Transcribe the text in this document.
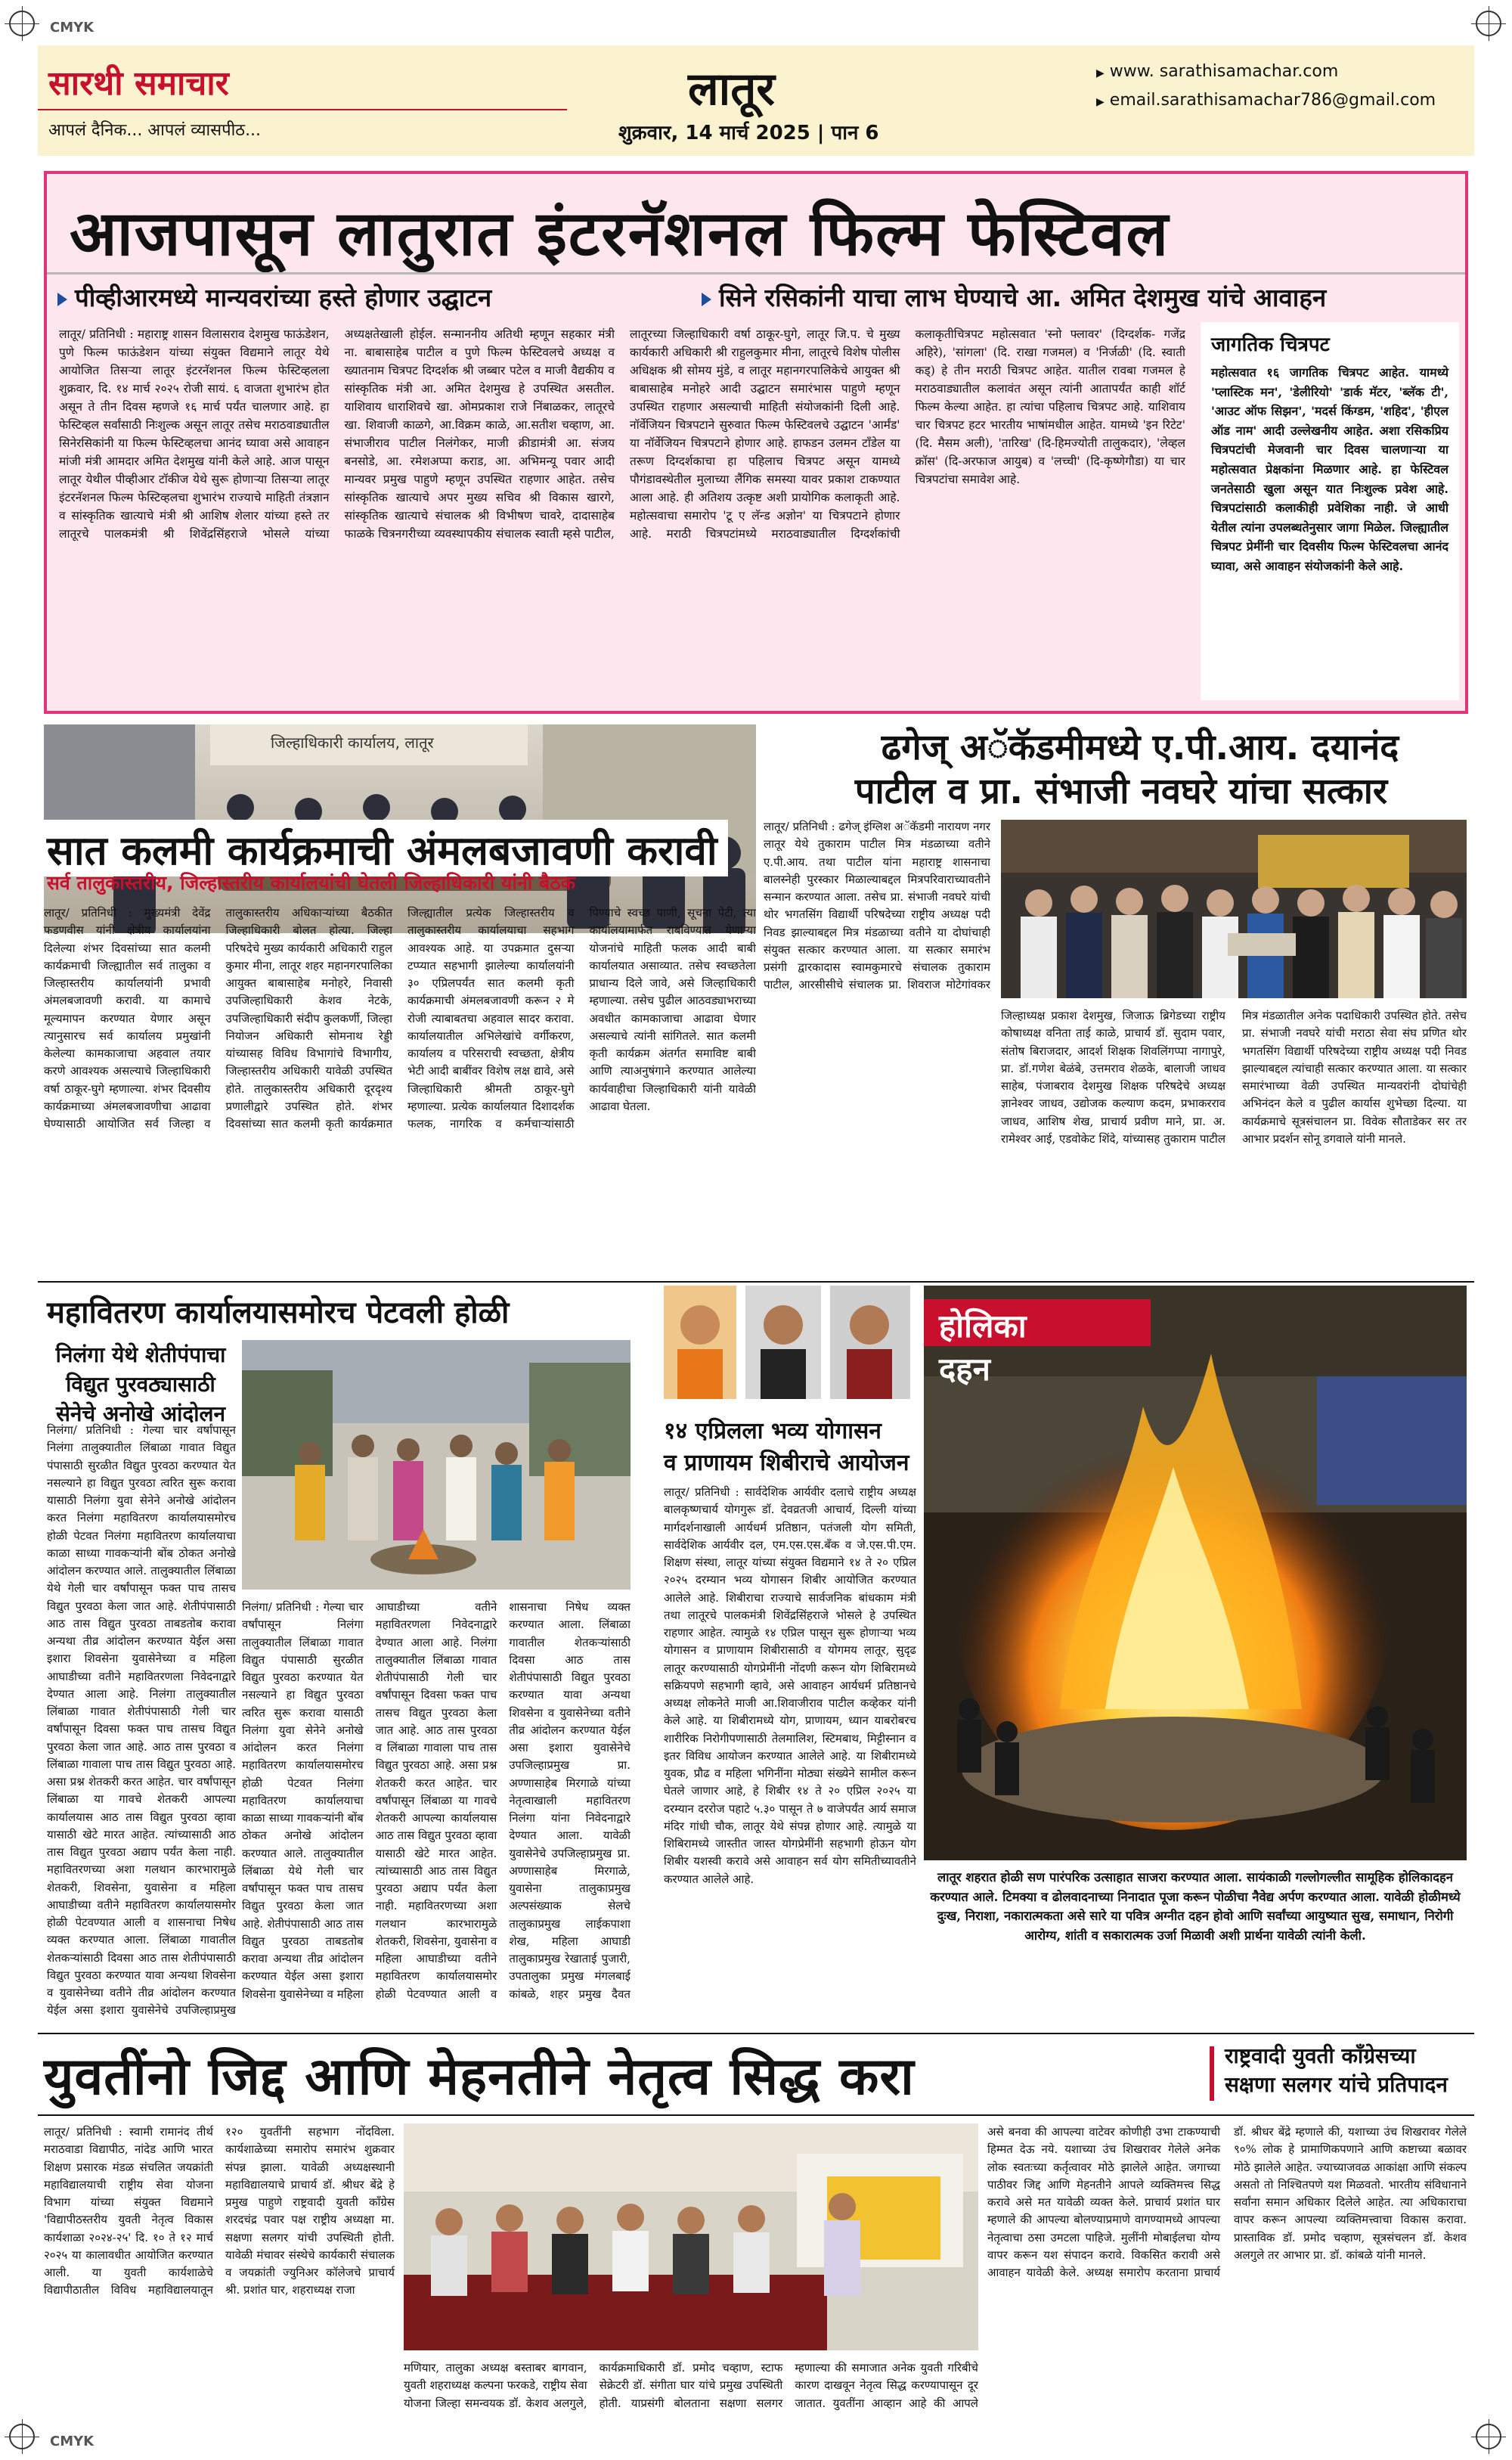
CMYK
CMYK
सारथी समाचार
आपलं दैनिक... आपलं व्यासपीठ...
लातूर
शुक्रवार, 14 मार्च 2025 | पान 6
▶ www. sarathisamachar.com
▶ email.sarathisamachar786@gmail.com
आजपासून लातुरात इंटरनॅशनल फिल्म फेस्टिवल
पीव्हीआरमध्ये मान्यवरांच्या हस्ते होणार उद्घाटन	सिने रसिकांनी याचा लाभ घेण्याचे आ. अमित देशमुख यांचे आवाहन
लातूर/ प्रतिनिधी : महाराष्ट्र शासन विलासराव देशमुख फाऊंडेशन, पुणे फिल्म फाऊंडेशन यांच्या संयुक्त विद्यमाने लातूर येथे आयोजित तिसऱ्या लातूर इंटरनॅशनल फिल्म फेस्टिव्हलला शुक्रवार, दि. १४ मार्च २०२५ रोजी सायं. ६ वाजता शुभारंभ होत असून ते तीन दिवस म्हणजे १६ मार्च पर्यंत चालणार आहे. हा फेस्टिव्हल सर्वांसाठी निःशुल्क असून लातूर तसेच मराठवाड्यातील सिनेरसिकांनी या फिल्म फेस्टिव्हलचा आनंद घ्यावा असे आवाहन मांजी मंत्री आमदार अमित देशमुख यांनी केले आहे. आज पासून लातूर येथील पीव्हीआर टॉकीज येथे सुरू होणाऱ्या तिसऱ्या लातूर इंटरनॅशनल फिल्म फेस्टिव्हलचा शुभारंभ राज्याचे माहिती तंत्रज्ञान व सांस्कृतिक खात्याचे मंत्री श्री आशिष शेलार यांच्या हस्ते तर लातूरचे पालकमंत्री श्री शिवेंद्रसिंहराजे भोसले यांच्या अध्यक्षतेखाली होईल. सन्माननीय अतिथी म्हणून सहकार मंत्री ना. बाबासाहेब पाटील व पुणे फिल्म फेस्टिवलचे अध्यक्ष व ख्यातनाम चित्रपट दिग्दर्शक श्री जब्बार पटेल व माजी वैद्यकीय व सांस्कृतिक मंत्री आ. अमित देशमुख हे उपस्थित असतील. याशिवाय धाराशिवचे खा. ओमप्रकाश राजे निंबाळकर, लातूरचे खा. शिवाजी काळगे, आ.विक्रम काळे, आ.सतीश चव्हाण, आ. संभाजीराव पाटील निलंगेकर, माजी क्रीडामंत्री आ. संजय बनसोडे, आ. रमेशअप्पा कराड, आ. अभिमन्यू पवार आदी मान्यवर प्रमुख पाहुणे म्हणून उपस्थित राहणार आहेत. तसेच सांस्कृतिक खात्याचे अपर मुख्य सचिव श्री विकास खारगे, सांस्कृतिक खात्याचे संचालक श्री विभीषण चावरे, दादासाहेब फाळके चित्रनगरीच्या व्यवस्थापकीय संचालक स्वाती म्हसे पाटील, लातूरच्या जिल्हाधिकारी वर्षा ठाकूर-घुगे, लातूर जि.प. चे मुख्य कार्यकारी अधिकारी श्री राहुलकुमार मीना, लातूरचे विशेष पोलीस अधिक्षक श्री सोमय मुंडे, व लातूर महानगरपालिकेचे आयुक्त श्री बाबासाहेब मनोहरे आदी उद्घाटन समारंभास पाहुणे म्हणून उपस्थित राहणार असल्याची माहिती संयोजकांनी दिली आहे. नॉर्वेजियन चित्रपटाने सुरुवात फिल्म फेस्टिवलचे उद्घाटन 'आर्मंड' या नॉर्वेजियन चित्रपटाने होणार आहे. हाफडन उलमन टॉंडेल या तरूण दिग्दर्शकाचा हा पहिलाच चित्रपट असून यामध्ये पौगंडावस्थेतील मुलाच्या लैंगिक समस्या यावर प्रकाश टाकण्यात आला आहे. ही अतिशय उत्कृष्ट अशी प्रायोगिक कलाकृती आहे. महोत्सवाचा समारोप 'टू ए लॅन्ड अज्ञोन' या चित्रपटाने होणार आहे. मराठी चित्रपटांमध्ये मराठवाड्यातील दिग्दर्शकांची कलाकृतीचित्रपट महोत्सवात 'स्नो फ्लावर' (दिग्दर्शक- गजेंद्र अहिरे), 'सांगला' (दि. राखा गजमल) व 'निर्जळी' (दि. स्वाती कड्) हे तीन मराठी चित्रपट आहेत. यातील रावबा गजमल हे मराठवाड्यातील कलावंत असून त्यांनी आतापर्यंत काही शॉर्ट फिल्म केल्या आहेत. हा त्यांचा पहिलाच चित्रपट आहे. याशिवाय चार चित्रपट हटर भारतीय भाषांमधील आहेत. यामध्ये 'इन रिटेट' (दि. मैसम अली), 'तारिख' (दि-हिमज्योती तालुकदार), 'लेव्हल क्रॉस' (दि-अरफाज आयुब) व 'लच्ची' (दि-कृष्णेगौडा) या चार चित्रपटांचा समावेश आहे.
जागतिक चित्रपट
महोत्सवात १६ जागतिक चित्रपट आहेत. यामध्ये 'प्लास्टिक मन', 'डेलीरियो' 'डार्क मॅटर, 'ब्लॅक टी', 'आउट ऑफ सिझन', 'मदर्स किंग्डम, 'शहिद', 'हीएल ऑड नाम' आदी उल्लेखनीय आहेत. अशा रसिकप्रिय चित्रपटांची मेजवानी चार दिवस चालणाऱ्या या महोत्सवात प्रेक्षकांना मिळणार आहे. हा फेस्टिवल जनतेसाठी खुला असून यात निःशुल्क प्रवेश आहे. चित्रपटांसाठी कलाकीही प्रवेशिका नाही. जे आधी येतील त्यांना उपलब्धतेनुसार जागा मिळेल. जिल्ह्यातील चित्रपट प्रेमींनी चार दिवसीय फिल्म फेस्टिवलचा आनंद घ्यावा, असे आवाहन संयोजकांनी केले आहे.
जिल्हाधिकारी कार्यालय, लातूर
सात कलमी कार्यक्रमाची अंमलबजावणी करावी
सर्व तालुकास्तरीय, जिल्हास्तरीय कार्यालयांची घेतली जिल्हाधिकारी यांनी बैठक
लातूर/ प्रतिनिधी : मुख्यमंत्री देवेंद्र फडणवीस यांनी क्षेत्रीय कार्यालयांना दिलेल्या शंभर दिवसांच्या सात कलमी कार्यक्रमाची जिल्ह्यातील सर्व तालुका व जिल्हास्तरीय कार्यालयांनी प्रभावी अंमलबजावणी करावी. या कामाचे मूल्यमापन करण्यात येणार असून त्यानुसारच सर्व कार्यालय प्रमुखांनी केलेल्या कामकाजाचा अहवाल तयार करणे आवश्यक असल्याचे जिल्हाधिकारी वर्षा ठाकूर-घुगे म्हणाल्या. शंभर दिवसीय कार्यक्रमाच्या अंमलबजावणीचा आढावा घेण्यासाठी आयोजित सर्व जिल्हा व तालुकास्तरीय अधिकाऱ्यांच्या बैठकीत जिल्हाधिकारी बोलत होत्या. जिल्हा परिषदेचे मुख्य कार्यकारी अधिकारी राहुल कुमार मीना, लातूर शहर महानगरपालिका आयुक्त बाबासाहेब मनोहरे, निवासी उपजिल्हाधिकारी केशव नेटके, उपजिल्हाधिकारी संदीप कुलकर्णी, जिल्हा नियोजन अधिकारी सोमनाथ रेड्डी यांच्यासह विविध विभागांचे विभागीय, जिल्हास्तरीय अधिकारी यावेळी उपस्थित होते. तालुकास्तरीय अधिकारी दूरदृश्य प्रणालीद्वारे उपस्थित होते. शंभर दिवसांच्या सात कलमी कृती कार्यक्रमात जिल्ह्यातील प्रत्येक जिल्हास्तरीय व तालुकास्तरीय कार्यालयाचा सहभाग आवश्यक आहे. या उपक्रमात दुसऱ्या टप्प्यात सहभागी झालेल्या कार्यालयांनी ३० एप्रिलपर्यंत सात कलमी कृती कार्यक्रमाची अंमलबजावणी करून २ मे रोजी त्याबाबतचा अहवाल सादर करावा. कार्यालयातील अभिलेखांचे वर्गीकरण, कार्यालय व परिसराची स्वच्छता, क्षेत्रीय भेटी आदी बाबींवर विशेष लक्ष द्यावे, असे जिल्हाधिकारी श्रीमती ठाकूर-घुगे म्हणाल्या. प्रत्येक कार्यालयात दिशादर्शक फलक, नागरिक व कर्मचाऱ्यांसाठी पिण्याचे स्वच्छ पाणी, सूचना पेटी, त्या कार्यालयामार्फत राबविण्यात येणाऱ्या योजनांचे माहिती फलक आदी बाबी कार्यालयात असाव्यात. तसेच स्वच्छतेला प्राधान्य दिले जावे, असे जिल्हाधिकारी म्हणाल्या. तसेच पुढील आठवड्याभराच्या अवधीत कामकाजाचा आढावा घेणार असल्याचे त्यांनी सांगितले. सात कलमी कृती कार्यक्रम अंतर्गत समाविष्ट बाबी आणि त्याअनुषंगाने करण्यात आलेल्या कार्यवाहीचा जिल्हाधिकारी यांनी यावेळी आढावा घेतला.
ढगेज् अॅकॅडमीमध्ये ए.पी.आय. दयानंद
पाटील व प्रा. संभाजी नवघरे यांचा सत्कार
लातूर/ प्रतिनिधी : ढगेज् इंग्लिश अॅकॅडमी नारायण नगर लातूर येथे तुकाराम पाटील मित्र मंडळाच्या वतीने ए.पी.आय. तथा पाटील यांना महाराष्ट्र शासनाचा बालस्नेही पुरस्कार मिळाल्याबद्दल मित्रपरिवाराच्यावतीने सन्मान करण्यात आला. तसेच प्रा. संभाजी नवघरे यांची थोर भगतसिंग विद्यार्थी परिषदेच्या राष्ट्रीय अध्यक्ष पदी निवड झाल्याबद्दल मित्र मंडळाच्या वतीने या दोघांचाही संयुक्त सत्कार करण्यात आला. या सत्कार समारंभ प्रसंगी द्वारकादास स्वामकुमारचे संचालक तुकाराम पाटील, आरसीसीचे संचालक प्रा. शिवराज मोटेगांवकर
जिल्हाध्यक्ष प्रकाश देशमुख, जिजाऊ ब्रिगेडच्या राष्ट्रीय कोषाध्यक्ष वनिता ताई काळे, प्राचार्य डॉ. सुदाम पवार, संतोष बिराजदार, आदर्श शिक्षक शिवलिंगप्पा नागापुरे, प्रा. डॉ.गणेश बेळंबे, उत्तमराव शेळके, बालाजी जाधव साहेब, पंजाबराव देशमुख शिक्षक परिषदेचे अध्यक्ष ज्ञानेश्वर जाधव, उद्योजक कल्याण कदम, प्रभाकरराव जाधव, आशिष शेख, प्राचार्य प्रवीण माने, प्रा. अ. रामेश्वर आई, एडवोकेट शिंदे, यांच्यासह तुकाराम पाटील मित्र मंडळातील अनेक पदाधिकारी उपस्थित होते. तसेच प्रा. संभाजी नवघरे यांची मराठा सेवा संघ प्रणित थोर भगतसिंग विद्यार्थी परिषदेच्या राष्ट्रीय अध्यक्ष पदी निवड झाल्याबद्दल त्यांचाही सत्कार करण्यात आला. या सत्कार समारंभाच्या वेळी उपस्थित मान्यवरांनी दोघांचेही अभिनंदन केले व पुढील कार्यास शुभेच्छा दिल्या. या कार्यक्रमाचे सूत्रसंचालन प्रा. विवेक सौताडेकर सर तर आभार प्रदर्शन सोनू डगवाले यांनी मानले.
महावितरण कार्यालयासमोरच पेटवली होळी
निलंगा येथे शेतीपंपाचा विद्युत पुरवठ्यासाठी सेनेचे अनोखे आंदोलन
निलंगा/ प्रतिनिधी : गेल्या चार वर्षांपासून निलंगा तालुक्यातील लिंबाळा गावात विद्युत पंपासाठी सुरळीत विद्युत पुरवठा करण्यात येत नसल्याने हा विद्युत पुरवठा त्वरित सुरू करावा यासाठी निलंगा युवा सेनेने अनोखे आंदोलन करत निलंगा महावितरण कार्यालयासमोरच होळी पेटवत निलंगा महावितरण कार्यालयाचा काळा साध्या गावकऱ्यांनी बोंब ठोकत अनोखे आंदोलन करण्यात आले. तालुक्यातील लिंबाळा येथे गेली चार वर्षांपासून फक्त पाच तासच विद्युत पुरवठा केला जात आहे. शेतीपंपासाठी आठ तास विद्युत पुरवठा ताबडतोब करावा अन्यथा तीव्र आंदोलन करण्यात येईल असा इशारा शिवसेना युवासेनेच्या व महिला आघाडीच्या वतीने महावितरणला निवेदनाद्वारे देण्यात आला आहे. निलंगा तालुक्यातील लिंबाळा गावात शेतीपंपासाठी गेली चार वर्षांपासून दिवसा फक्त पाच तासच विद्युत पुरवठा केला जात आहे. आठ तास पुरवठा व लिंबाळा गावाला पाच तास विद्युत पुरवठा आहे. असा प्रश्न शेतकरी करत आहेत. चार वर्षांपासून लिंबाळा या गावचे शेतकरी आपल्या कार्यालयास आठ तास विद्युत पुरवठा व्हावा यासाठी खेटे मारत आहेत. त्यांच्यासाठी आठ तास विद्युत पुरवठा अद्याप पर्यंत केला नाही. महावितरणच्या अशा गलथान कारभारामुळे शेतकरी, शिवसेना, युवासेना व महिला आघाडीच्या वतीने महावितरण कार्यालयासमोर होळी पेटवण्यात आली व शासनाचा निषेध व्यक्त करण्यात आला. लिंबाळा गावातील शेतकऱ्यांसाठी दिवसा आठ तास शेतीपंपासाठी विद्युत पुरवठा करण्यात यावा अन्यथा शिवसेना व युवासेनेच्या वतीने तीव्र आंदोलन करण्यात येईल असा इशारा युवासेनेचे उपजिल्हाप्रमुख
निलंगा/ प्रतिनिधी : गेल्या चार वर्षांपासून निलंगा तालुक्यातील लिंबाळा गावात विद्युत पंपासाठी सुरळीत विद्युत पुरवठा करण्यात येत नसल्याने हा विद्युत पुरवठा त्वरित सुरू करावा यासाठी निलंगा युवा सेनेने अनोखे आंदोलन करत निलंगा महावितरण कार्यालयासमोरच होळी पेटवत निलंगा महावितरण कार्यालयाचा काळा साध्या गावकऱ्यांनी बोंब ठोकत अनोखे आंदोलन करण्यात आले. तालुक्यातील लिंबाळा येथे गेली चार वर्षांपासून फक्त पाच तासच विद्युत पुरवठा केला जात आहे. शेतीपंपासाठी आठ तास विद्युत पुरवठा ताबडतोब करावा अन्यथा तीव्र आंदोलन करण्यात येईल असा इशारा शिवसेना युवासेनेच्या व महिला आघाडीच्या वतीने महावितरणला निवेदनाद्वारे देण्यात आला आहे. निलंगा तालुक्यातील लिंबाळा गावात शेतीपंपासाठी गेली चार वर्षांपासून दिवसा फक्त पाच तासच विद्युत पुरवठा केला जात आहे. आठ तास पुरवठा व लिंबाळा गावाला पाच तास विद्युत पुरवठा आहे. असा प्रश्न शेतकरी करत आहेत. चार वर्षांपासून लिंबाळा या गावचे शेतकरी आपल्या कार्यालयास आठ तास विद्युत पुरवठा व्हावा यासाठी खेटे मारत आहेत. त्यांच्यासाठी आठ तास विद्युत पुरवठा अद्याप पर्यंत केला नाही. महावितरणच्या अशा गलथान कारभारामुळे शेतकरी, शिवसेना, युवासेना व महिला आघाडीच्या वतीने महावितरण कार्यालयासमोर होळी पेटवण्यात आली व शासनाचा निषेध व्यक्त करण्यात आला. लिंबाळा गावातील शेतकऱ्यांसाठी दिवसा आठ तास शेतीपंपासाठी विद्युत पुरवठा करण्यात यावा अन्यथा शिवसेना व युवासेनेच्या वतीने तीव्र आंदोलन करण्यात येईल असा इशारा युवासेनेचे उपजिल्हाप्रमुख प्रा. अण्णासाहेब मिरगाळे यांच्या नेतृत्वाखाली महावितरण निलंगा यांना निवेदनाद्वारे देण्यात आला. यावेळी युवासेनेचे उपजिल्हाप्रमुख प्रा. अण्णासाहेब मिरगाळे, युवासेना तालुकाप्रमुख अल्पसंख्याक सेलचे तालुकाप्रमुख लाईकपाशा शेख, महिला आघाडी तालुकाप्रमुख रेखाताई पुजारी, उपतालुका प्रमुख मंगलबाई कांबळे, शहर प्रमुख दैवत
१४ एप्रिलला भव्य योगासन
व प्राणायम शिबीराचे आयोजन
लातूर/ प्रतिनिधी : सार्वदेशिक आर्यवीर दलाचे राष्ट्रीय अध्यक्ष बालकृष्णचार्य योगगुरू डॉ. देवव्रतजी आचार्य, दिल्ली यांच्या मार्गदर्शनाखाली आर्यधर्म प्रतिष्ठान, पतंजली योग समिती, सार्वदेशिक आर्यवीर दल, एम.एस.एस.बँक व जे.एस.पी.एम. शिक्षण संस्था, लातूर यांच्या संयुक्त विद्यमाने १४ ते २० एप्रिल २०२५ दरम्यान भव्य योगासन शिबीर आयोजित करण्यात आलेले आहे. शिबीराचा राज्याचे सार्वजनिक बांधकाम मंत्री तथा लातूरचे पालकमंत्री शिवेंद्रसिंहराजे भोसले हे उपस्थित राहणार आहेत. त्यामुळे १४ एप्रिल पासून सुरू होणाऱ्या भव्य योगासन व प्राणायाम शिबीरासाठी व योगमय लातूर, सुदृढ लातूर करण्यासाठी योगप्रेमींनी नोंदणी करून योग शिबिरामध्ये सक्रियपणे सहभागी व्हावे, असे आवाहन आर्यधर्म प्रतिष्ठानचे अध्यक्ष लोकनेते माजी आ.शिवाजीराव पाटील कव्हेकर यांनी केले आहे. या शिबीरामध्ये योग, प्राणायम, ध्यान याबरोबरच शारीरिक निरोगीपणासाठी तेलमालिश, स्टिमबाथ, मिट्टीस्नान व इतर विविध आयोजन करण्यात आलेले आहे. या शिबीरामध्ये युवक, प्रौढ व महिला भगिनींना मोठ्या संख्येने सामील करून घेतले जाणार आहे, हे शिबीर १४ ते २० एप्रिल २०२५ या दरम्यान दररोज पहाटे ५.३० पासून ते ७ वाजेपर्यंत आर्य समाज मंदिर गांधी चौक, लातूर येथे संपन्न होणार आहे. त्यामुळे या शिबिरामध्ये जास्तीत जास्त योगप्रेमींनी सहभागी होऊन योग शिबीर यशस्वी करावे असे आवाहन सर्व योग समितीच्यावतीने करण्यात आलेले आहे.
होलिका दहन
लातूर शहरात होळी सण पारंपरिक उत्साहात साजरा करण्यात आला. सायंकाळी गल्लोगल्लीत सामूहिक होलिकादहन करण्यात आले. टिमक्या व ढोलवादनाच्या निनादात पूजा करून पोळीचा नैवेद्य अर्पण करण्यात आला. यावेळी होळीमध्ये दुःख, निराशा, नकारात्मकता असे सारे या पवित्र अग्नीत दहन होवो आणि सर्वांच्या आयुष्यात सुख, समाधान, निरोगी आरोग्य, शांती व सकारात्मक उर्जा मिळावी अशी प्रार्थना यावेळी त्यांनी केली.
युवतींनो जिद्द आणि मेहनतीने नेतृत्व सिद्ध करा	राष्ट्रवादी युवती काँग्रेसच्या सक्षणा सलगर यांचे प्रतिपादन
लातूर/ प्रतिनिधी : स्वामी रामानंद तीर्थ मराठवाडा विद्यापीठ, नांदेड आणि भारत शिक्षण प्रसारक मंडळ संचलित जयक्रांती महाविद्यालयाची राष्ट्रीय सेवा योजना विभाग यांच्या संयुक्त विद्यमाने 'विद्यापीठस्तरीय युवती नेतृत्व विकास कार्यशाळा २०२४-२५' दि. १० ते १२ मार्च २०२५ या कालावधीत आयोजित करण्यात आली. या युवती कार्यशाळेचे विद्यापीठातील विविध महाविद्यालयातून १२० युवतींनी सहभाग नोंदविला. कार्यशाळेच्या समारोप समारंभ शुक्रवार संपन्न झाला. यावेळी अध्यक्षस्थानी महाविद्यालयाचे प्राचार्य डॉ. श्रीधर बेंद्रे हे प्रमुख पाहुणे राष्ट्रवादी युवती काँग्रेस शरदचंद्र पवार पक्ष राष्ट्रीय अध्यक्षा मा. सक्षणा सलगर यांची उपस्थिती होती. यावेळी मंचावर संस्थेचे कार्यकारी संचालक व जयक्रांती ज्युनिअर कॉलेजचे प्राचार्य श्री. प्रशांत घार, शहराध्यक्ष राजा
मणियार, तालुका अध्यक्ष बस्ताबर बागवान, युवती शहराध्यक्ष कल्पना फरकडे, राष्ट्रीय सेवा योजना जिल्हा समन्वयक डॉ. केशव अलगुले, कार्यक्रमाधिकारी डॉ. प्रमोद चव्हाण, स्टाफ सेक्रेटरी डॉ. संगीता घार यांचे प्रमुख उपस्थिती होती. याप्रसंगी बोलताना सक्षणा सलगर म्हणाल्या की समाजात अनेक युवती गरिबीचे कारण दाखवून नेतृत्व सिद्ध करण्यापासून दूर जातात. युवतींना आव्हान आहे की आपले
असे बनवा की आपल्या वाटेवर कोणीही उभा टाकण्याची हिम्मत देऊ नये. यशाच्या उंच शिखरावर गेलेले अनेक लोक स्वतःच्या कर्तृत्वावर मोठे झालेले आहेत. जगाच्या पाठीवर जिद्द आणि मेहनतीने आपले व्यक्तिमत्त्व सिद्ध करावे असे मत यावेळी व्यक्त केले. प्राचार्य प्रशांत घार म्हणाले की आपल्या बोलण्याप्रमाणे वागण्यामध्ये आपल्या नेतृत्वाचा ठसा उमटला पाहिजे. मुलींनी मोबाईलचा योग्य वापर करून यश संपादन करावे. विकसित करावी असे आवाहन यावेळी केले. अध्यक्ष समारोप करताना प्राचार्य डॉ. श्रीधर बेंद्रे म्हणाले की, यशाच्या उंच शिखरावर गेलेले ९०% लोक हे प्रामाणिकपणाने आणि कष्टाच्या बळावर मोठे झालेले आहेत. ज्याच्याजवळ आकांक्षा आणि संकल्प असतो तो निश्चितपणे यश मिळवतो. भारतीय संविधानाने सर्वांना समान अधिकार दिलेले आहेत. त्या अधिकाराचा वापर करून आपल्या व्यक्तिमत्त्वाचा विकास करावा. प्रास्ताविक डॉ. प्रमोद चव्हाण, सूत्रसंचलन डॉ. केशव अलगुले तर आभार प्रा. डॉ. कांबळे यांनी मानले.
